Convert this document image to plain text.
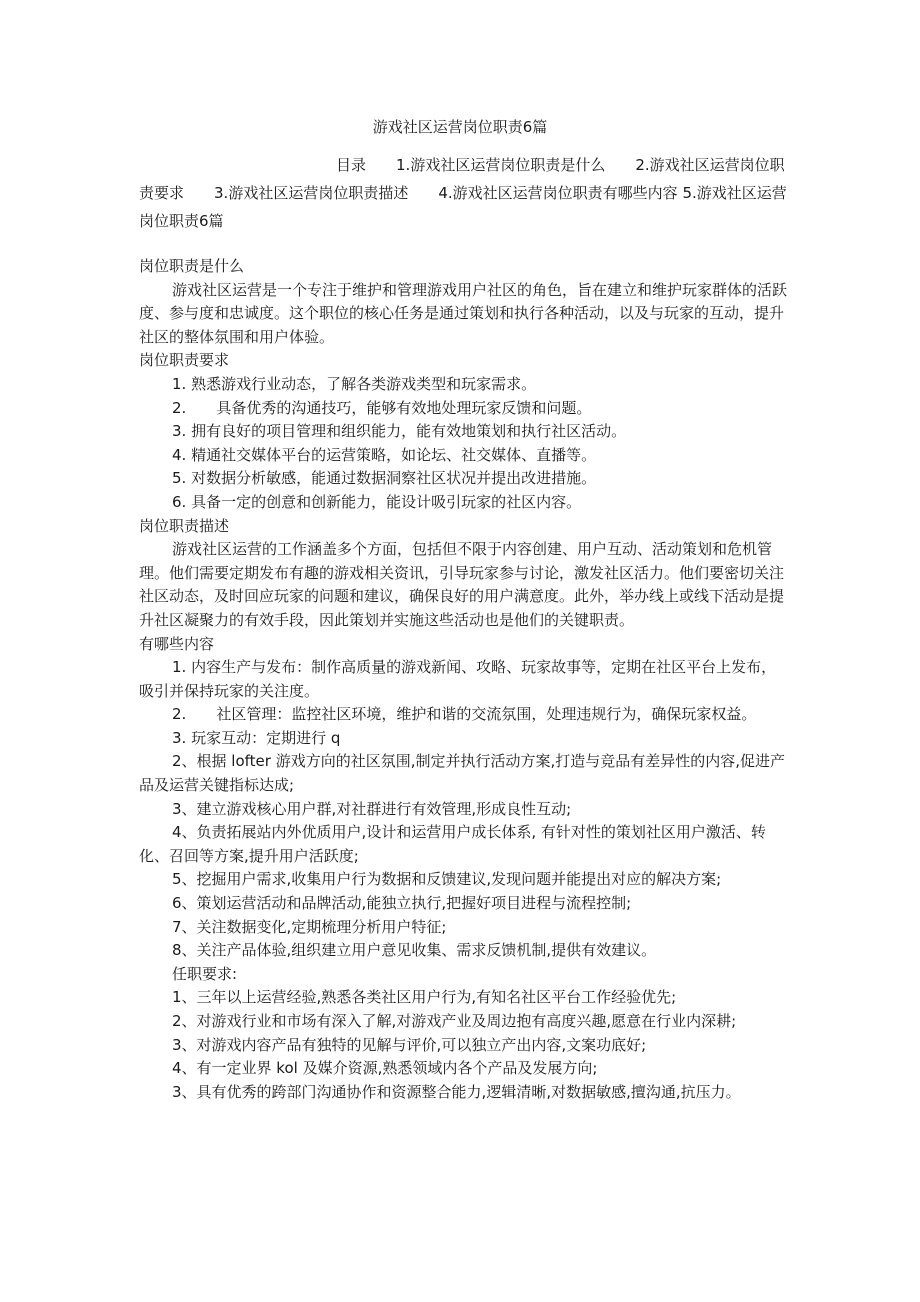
游戏社区运营岗位职责6篇
目录 1.游戏社区运营岗位职责是什么 2.游戏社区运营岗位职责要求 3.游戏社区运营岗位职责描述 4.游戏社区运营岗位职责有哪些内容 5.游戏社区运营岗位职责6篇

岗位职责是什么

游戏社区运营是一个专注于维护和管理游戏用户社区的角色，旨在建立和维护玩家群体的活跃度、参与度和忠诚度。这个职位的核心任务是通过策划和执行各种活动，以及与玩家的互动，提升社区的整体氛围和用户体验。

岗位职责要求

1. 熟悉游戏行业动态，了解各类游戏类型和玩家需求。

2. 具备优秀的沟通技巧，能够有效地处理玩家反馈和问题。

3. 拥有良好的项目管理和组织能力，能有效地策划和执行社区活动。

4. 精通社交媒体平台的运营策略，如论坛、社交媒体、直播等。

5. 对数据分析敏感，能通过数据洞察社区状况并提出改进措施。

6. 具备一定的创意和创新能力，能设计吸引玩家的社区内容。

岗位职责描述

游戏社区运营的工作涵盖多个方面，包括但不限于内容创建、用户互动、活动策划和危机管理。他们需要定期发布有趣的游戏相关资讯，引导玩家参与讨论，激发社区活力。他们要密切关注社区动态，及时回应玩家的问题和建议，确保良好的用户满意度。此外，举办线上或线下活动是提升社区凝聚力的有效手段，因此策划并实施这些活动也是他们的关键职责。

有哪些内容

1. 内容生产与发布：制作高质量的游戏新闻、攻略、玩家故事等，定期在社区平台上发布，吸引并保持玩家的关注度。

2. 社区管理：监控社区环境，维护和谐的交流氛围，处理违规行为，确保玩家权益。

3. 玩家互动：定期进行 q

2、根据 lofter 游戏方向的社区氛围,制定并执行活动方案,打造与竞品有差异性的内容,促进产品及运营关键指标达成;

3、建立游戏核心用户群,对社群进行有效管理,形成良性互动;

4、负责拓展站内外优质用户,设计和运营用户成长体系, 有针对性的策划社区用户激活、转化、召回等方案,提升用户活跃度;

5、挖掘用户需求,收集用户行为数据和反馈建议,发现问题并能提出对应的解决方案;

6、策划运营活动和品牌活动,能独立执行,把握好项目进程与流程控制;

7、关注数据变化,定期梳理分析用户特征;

8、关注产品体验,组织建立用户意见收集、需求反馈机制,提供有效建议。

任职要求:

1、三年以上运营经验,熟悉各类社区用户行为,有知名社区平台工作经验优先;

2、对游戏行业和市场有深入了解,对游戏产业及周边抱有高度兴趣,愿意在行业内深耕;

3、对游戏内容产品有独特的见解与评价,可以独立产出内容,文案功底好;

4、有一定业界 kol 及媒介资源,熟悉领域内各个产品及发展方向;

3、具有优秀的跨部门沟通协作和资源整合能力,逻辑清晰,对数据敏感,擅沟通,抗压力。
